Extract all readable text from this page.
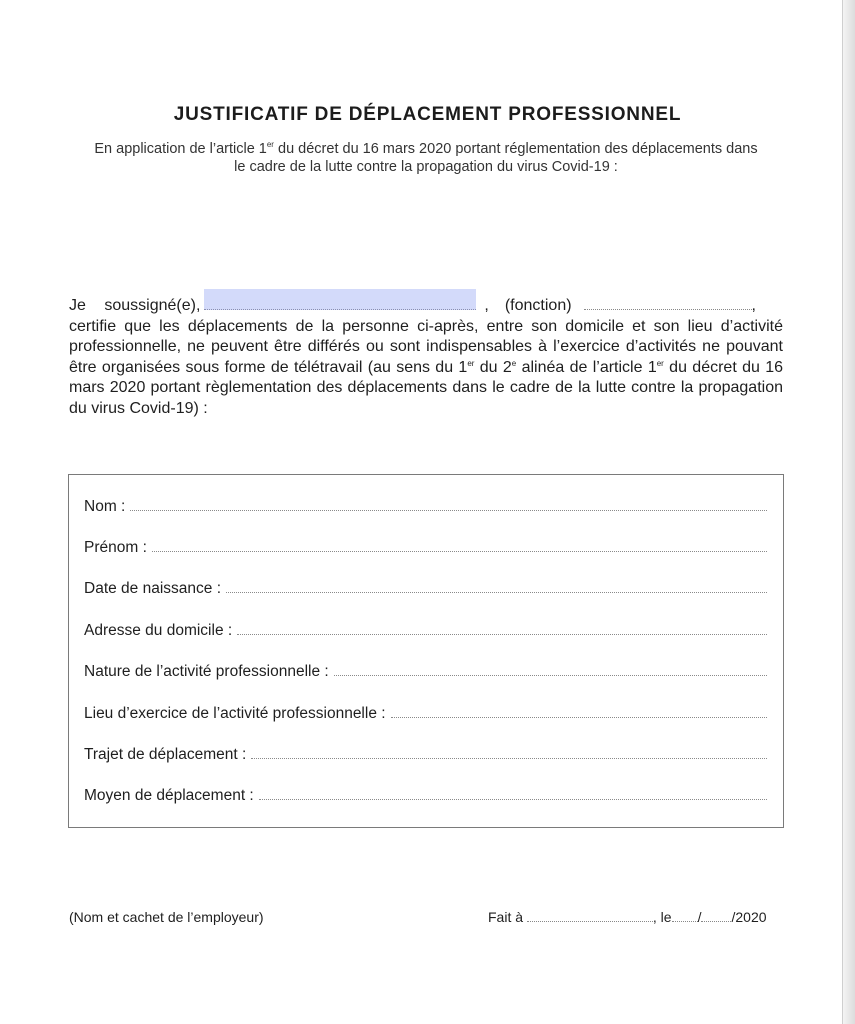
JUSTIFICATIF DE DÉPLACEMENT PROFESSIONNEL
En application de l’article 1er du décret du 16 mars 2020 portant réglementation des déplacements dans le cadre de la lutte contre la propagation du virus Covid-19 :
Je soussigné(e),	, (fonction)	,
certifie que les déplacements de la personne ci-après, entre son domicile et son lieu d’activité professionnelle, ne peuvent être différés ou sont indispensables à l’exercice d’activités ne pouvant être organisées sous forme de télétravail (au sens du 1er du 2e alinéa de l’article 1er du décret du 16 mars 2020 portant règlementation des déplacements dans le cadre de la lutte contre la propagation du virus Covid-19) :
Nom :
Prénom :
Date de naissance :
Adresse du domicile :
Nature de l’activité professionnelle :
Lieu d’exercice de l’activité professionnelle :
Trajet de déplacement :
Moyen de déplacement :
(Nom et cachet de l’employeur)	Fait à	, le / /2020
